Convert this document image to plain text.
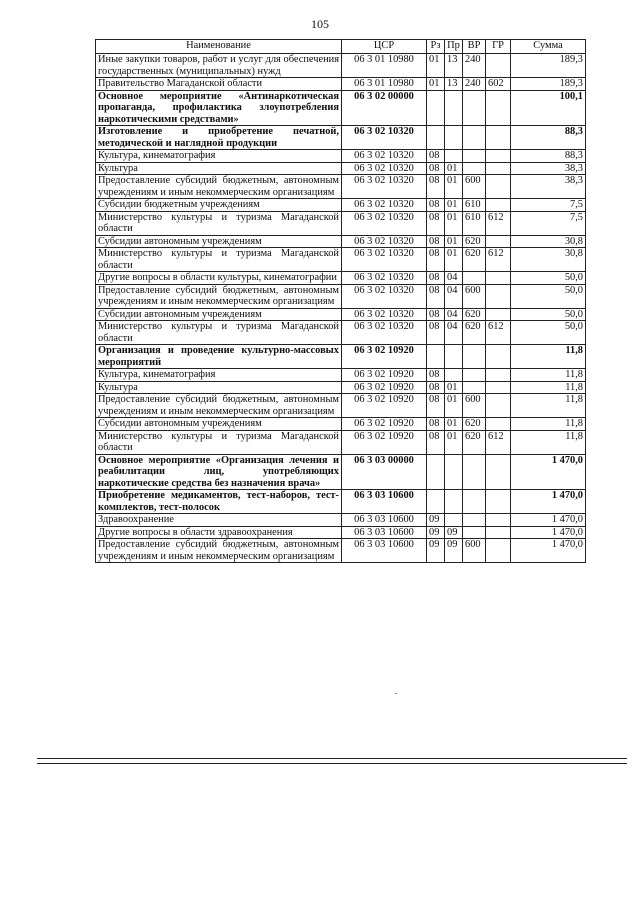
105
Наименование	ЦСР	Рз	Пр	ВР	ГР	Сумма
Иные закупки товаров, работ и услуг для обеспечения государственных (муниципальных) нужд	06 3 01 10980	01	13	240		189,3
Правительство Магаданской области	06 3 01 10980	01	13	240	602	189,3
Основное мероприятие «Антинаркотическая пропаганда, профилактика злоупотребления наркотическими средствами»	06 3 02 00000					100,1
Изготовление и приобретение печатной, методической и наглядной продукции	06 3 02 10320					88,3
Культура, кинематография	06 3 02 10320	08				88,3
Культура	06 3 02 10320	08	01			38,3
Предоставление субсидий бюджетным, автономным учреждениям и иным некоммерческим организациям	06 3 02 10320	08	01	600		38,3
Субсидии бюджетным учреждениям	06 3 02 10320	08	01	610		7,5
Министерство культуры и туризма Магаданской области	06 3 02 10320	08	01	610	612	7,5
Субсидии автономным учреждениям	06 3 02 10320	08	01	620		30,8
Министерство культуры и туризма Магаданской области	06 3 02 10320	08	01	620	612	30,8
Другие вопросы в области культуры, кинематографии	06 3 02 10320	08	04			50,0
Предоставление субсидий бюджетным, автономным учреждениям и иным некоммерческим организациям	06 3 02 10320	08	04	600		50,0
Субсидии автономным учреждениям	06 3 02 10320	08	04	620		50,0
Министерство культуры и туризма Магаданской области	06 3 02 10320	08	04	620	612	50,0
Организация и проведение культурно-массовых мероприятий	06 3 02 10920					11,8
Культура, кинематография	06 3 02 10920	08				11,8
Культура	06 3 02 10920	08	01			11,8
Предоставление субсидий бюджетным, автономным учреждениям и иным некоммерческим организациям	06 3 02 10920	08	01	600		11,8
Субсидии автономным учреждениям	06 3 02 10920	08	01	620		11,8
Министерство культуры и туризма Магаданской области	06 3 02 10920	08	01	620	612	11,8
Основное мероприятие «Организация лечения и реабилитации лиц, употребляющих наркотические средства без назначения врача»	06 3 03 00000					1 470,0
Приобретение медикаментов, тест-наборов, тест-комплектов, тест-полосок	06 3 03 10600					1 470,0
Здравоохранение	06 3 03 10600	09				1 470,0
Другие вопросы в области здравоохранения	06 3 03 10600	09	09			1 470,0
Предоставление субсидий бюджетным, автономным учреждениям и иным некоммерческим организациям	06 3 03 10600	09	09	600		1 470,0
